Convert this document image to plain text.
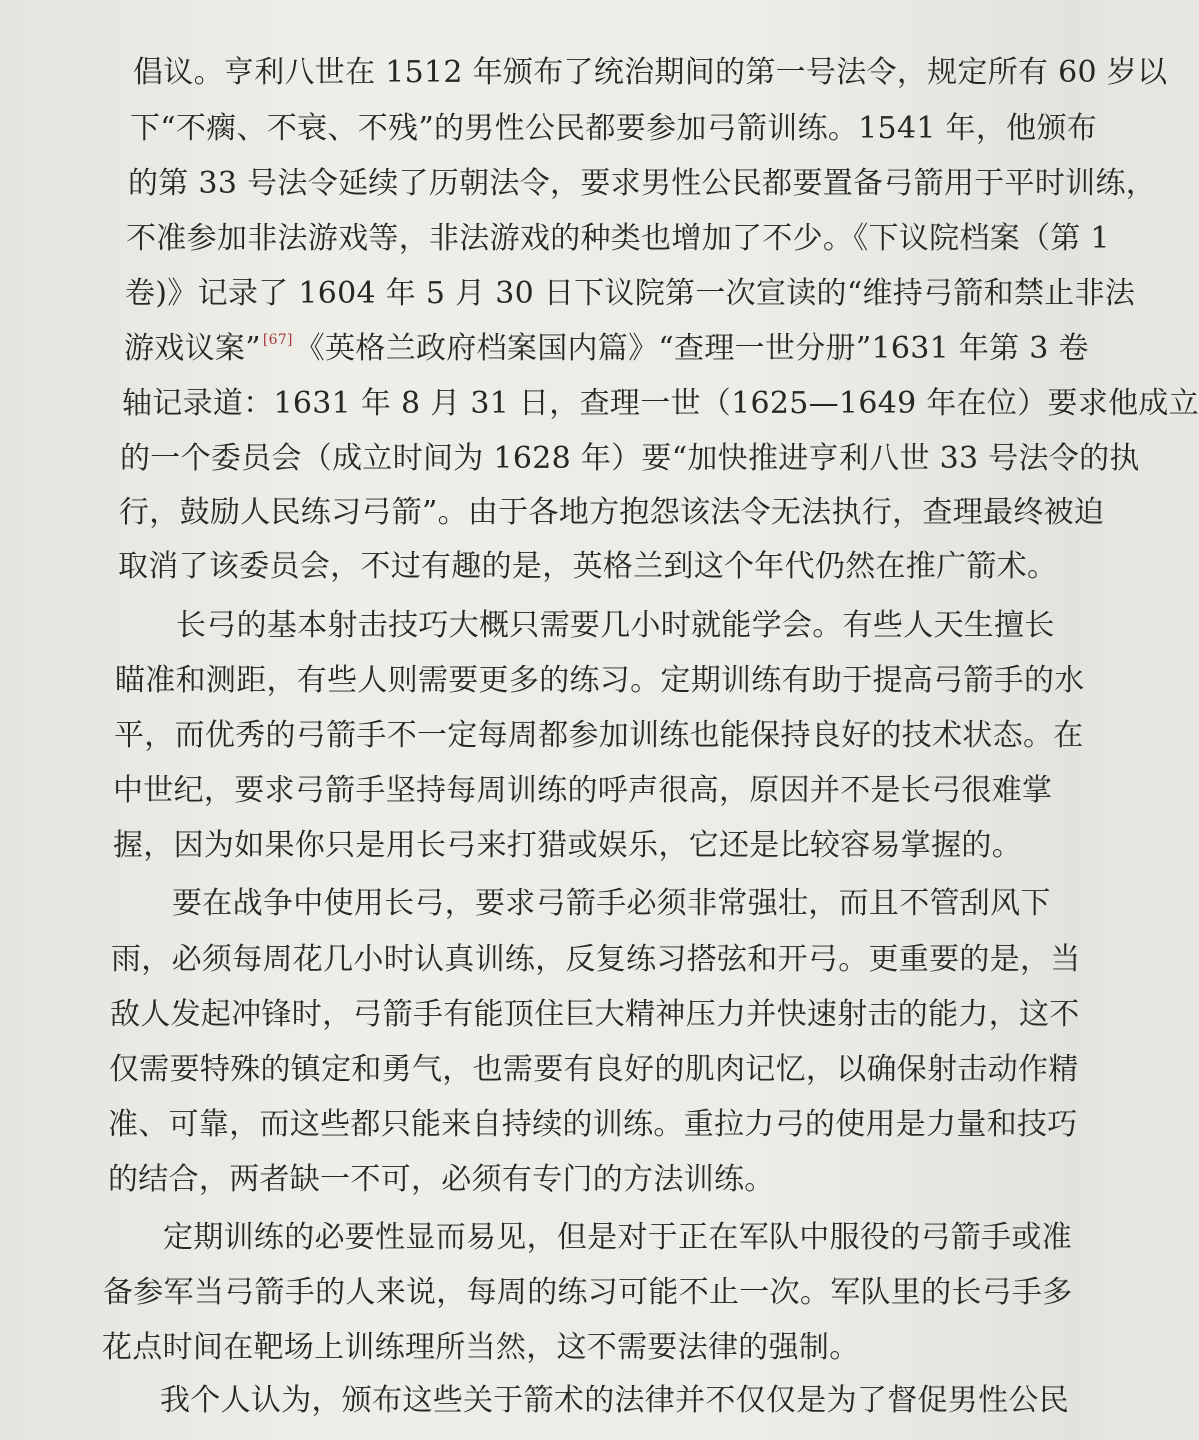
倡议。亨利八世在 1512 年颁布了统治期间的第一号法令，规定所有 60 岁以
下“不瘸、不衰、不残”的男性公民都要参加弓箭训练。1541 年，他颁布
的第 33 号法令延续了历朝法令，要求男性公民都要置备弓箭用于平时训练，
不准参加非法游戏等，非法游戏的种类也增加了不少。《下议院档案（第 1
卷)》记录了 1604 年 5 月 30 日下议院第一次宣读的“维持弓箭和禁止非法
游戏议案” [67]《英格兰政府档案国内篇》“查理一世分册”1631 年第 3 卷
轴记录道：1631 年 8 月 31 日，查理一世（1625—1649 年在位）要求他成立
的一个委员会（成立时间为 1628 年）要“加快推进亨利八世 33 号法令的执
行，鼓励人民练习弓箭”。由于各地方抱怨该法令无法执行，查理最终被迫
取消了该委员会，不过有趣的是，英格兰到这个年代仍然在推广箭术。
长弓的基本射击技巧大概只需要几小时就能学会。有些人天生擅长
瞄准和测距，有些人则需要更多的练习。定期训练有助于提高弓箭手的水
平，而优秀的弓箭手不一定每周都参加训练也能保持良好的技术状态。在
中世纪，要求弓箭手坚持每周训练的呼声很高，原因并不是长弓很难掌
握，因为如果你只是用长弓来打猎或娱乐，它还是比较容易掌握的。
要在战争中使用长弓，要求弓箭手必须非常强壮，而且不管刮风下
雨，必须每周花几小时认真训练，反复练习搭弦和开弓。更重要的是，当
敌人发起冲锋时，弓箭手有能顶住巨大精神压力并快速射击的能力，这不
仅需要特殊的镇定和勇气，也需要有良好的肌肉记忆，以确保射击动作精
准、可靠，而这些都只能来自持续的训练。重拉力弓的使用是力量和技巧
的结合，两者缺一不可，必须有专门的方法训练。
定期训练的必要性显而易见，但是对于正在军队中服役的弓箭手或准
备参军当弓箭手的人来说，每周的练习可能不止一次。军队里的长弓手多
花点时间在靶场上训练理所当然，这不需要法律的强制。
我个人认为，颁布这些关于箭术的法律并不仅仅是为了督促男性公民
